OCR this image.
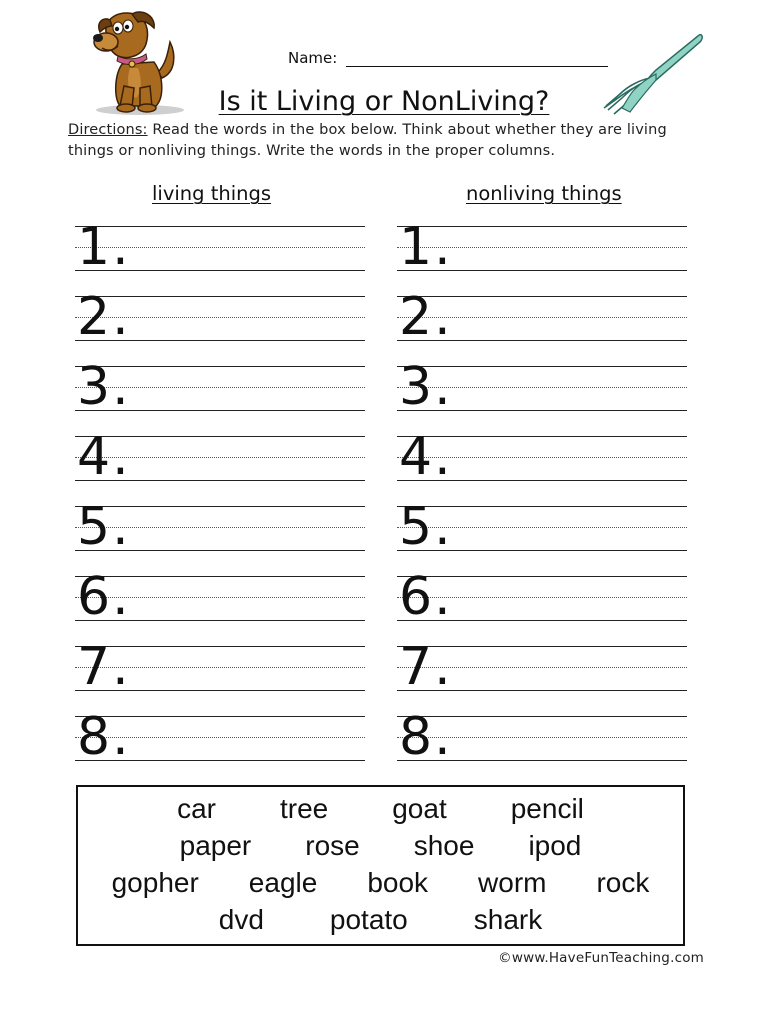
Name:
Is it Living or NonLiving?
Directions: Read the words in the box below. Think about whether they are living things or nonliving things. Write the words in the proper columns.
living things	nonliving things
1.
2.
3.
4.
5.
6.
7.
8.
1.
2.
3.
4.
5.
6.
7.
8.
car tree goat pencil
paper rose shoe ipod
gopher eagle book worm rock
dvd potato shark
©www.HaveFunTeaching.com
